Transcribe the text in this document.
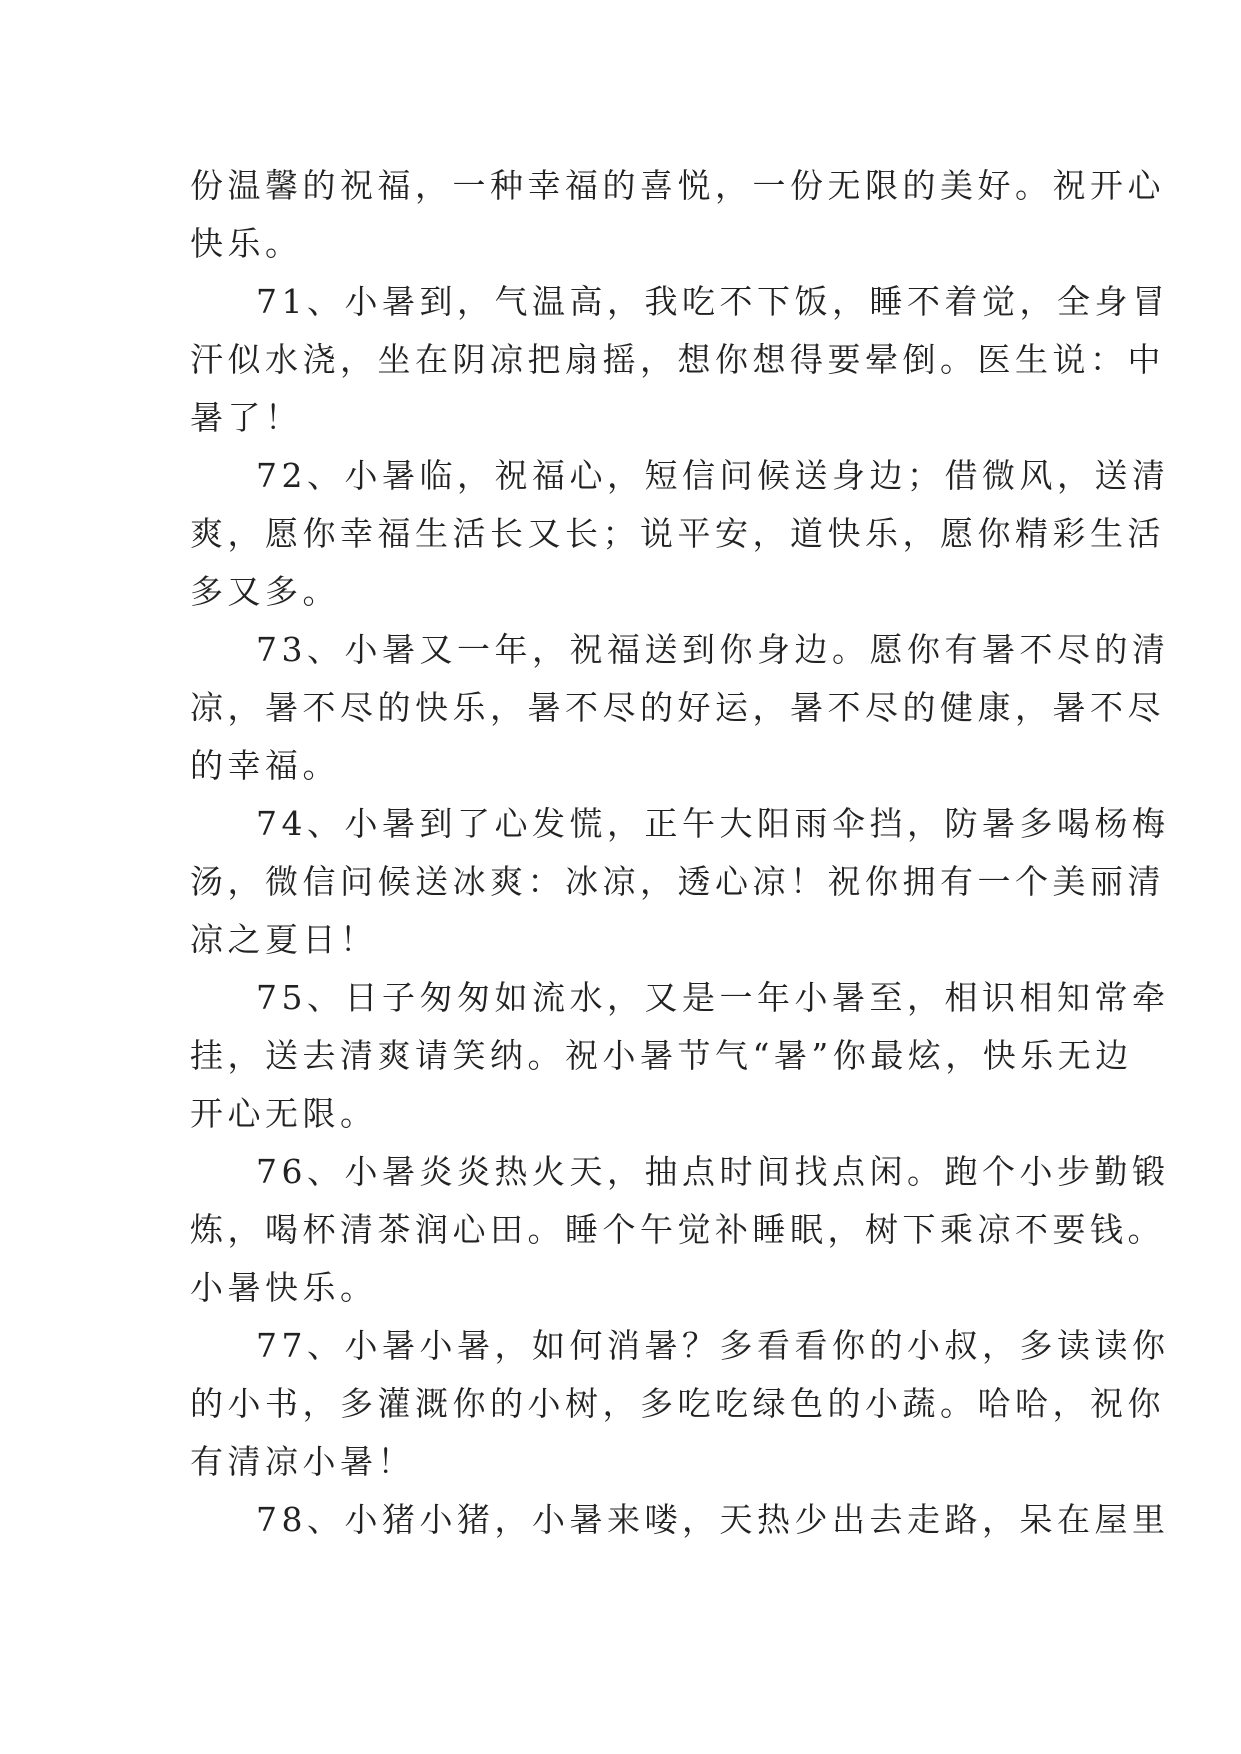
份温馨的祝福，一种幸福的喜悦，一份无限的美好。祝开心
快乐。
71、小暑到，气温高，我吃不下饭，睡不着觉，全身冒
汗似水浇，坐在阴凉把扇摇，想你想得要晕倒。医生说：中
暑了！
72、小暑临，祝福心，短信问候送身边；借微风，送清
爽，愿你幸福生活长又长；说平安，道快乐，愿你精彩生活
多又多。
73、小暑又一年，祝福送到你身边。愿你有暑不尽的清
凉，暑不尽的快乐，暑不尽的好运，暑不尽的健康，暑不尽
的幸福。
74、小暑到了心发慌，正午大阳雨伞挡，防暑多喝杨梅
汤，微信问候送冰爽：冰凉，透心凉！祝你拥有一个美丽清
凉之夏日！
75、日子匆匆如流水，又是一年小暑至，相识相知常牵
挂，送去清爽请笑纳。祝小暑节气“暑”你最炫，快乐无边
开心无限。
76、小暑炎炎热火天，抽点时间找点闲。跑个小步勤锻
炼，喝杯清茶润心田。睡个午觉补睡眠，树下乘凉不要钱。
小暑快乐。
77、小暑小暑，如何消暑？多看看你的小叔，多读读你
的小书，多灌溉你的小树，多吃吃绿色的小蔬。哈哈，祝你
有清凉小暑！
78、小猪小猪，小暑来喽，天热少出去走路，呆在屋里
